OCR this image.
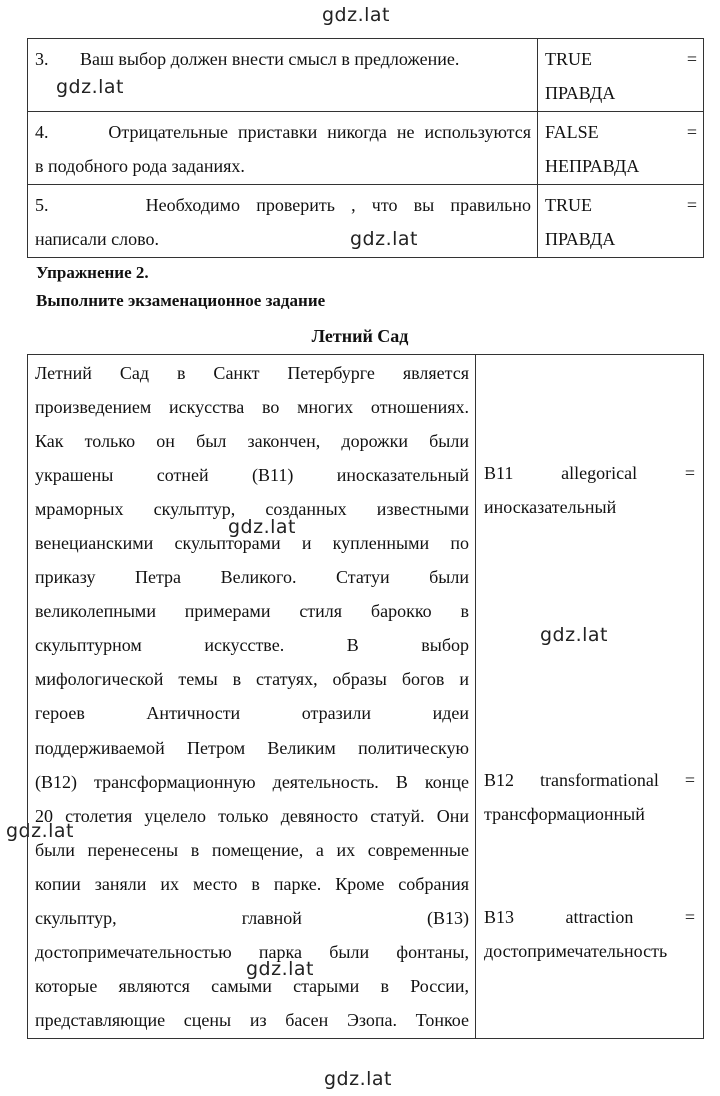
gdz.lat
gdz.lat
gdz.lat
gdz.lat
gdz.lat
gdz.lat
gdz.lat
gdz.lat
3. Ваш выбор должен внести смысл в предложение.	TRUE =
ПРАВДА

4. Отрицательные приставки никогда не используются
в подобного рода заданиях.	FALSE =
НЕПРАВДА

5. Необходимо проверить , что вы правильно
написали слово.	TRUE =
ПРАВДА
Упражнение 2.
Выполните экзаменационное задание
Летний Сад
Летний Сад в Санкт Петербурге является
произведением искусства во многих отношениях.
Как только он был закончен, дорожки были
украшены сотней (B11) иносказательный
мраморных скульптур, созданных известными
венецианскими скульпторами и купленными по
приказу Петра Великого. Статуи были
великолепными примерами стиля барокко в
скульптурном искусстве. В выбор
мифологической темы в статуях, образы богов и
героев Античности отразили идеи
поддерживаемой Петром Великим политическую
(B12) трансформационную деятельность. В конце
20 столетия уцелело только девяносто статуй. Они
были перенесены в помещение, а их современные
копии заняли их место в парке. Кроме собрания
скульптур, главной (B13)
достопримечательностью парка были фонтаны,
которые являются самыми старыми в России,
представляющие сцены из басен Эзопа. Тонкое

B11	allegorical	=
иносказательный
B12 transformational =
трансформационный
B13	attraction	=
достопримечательность
